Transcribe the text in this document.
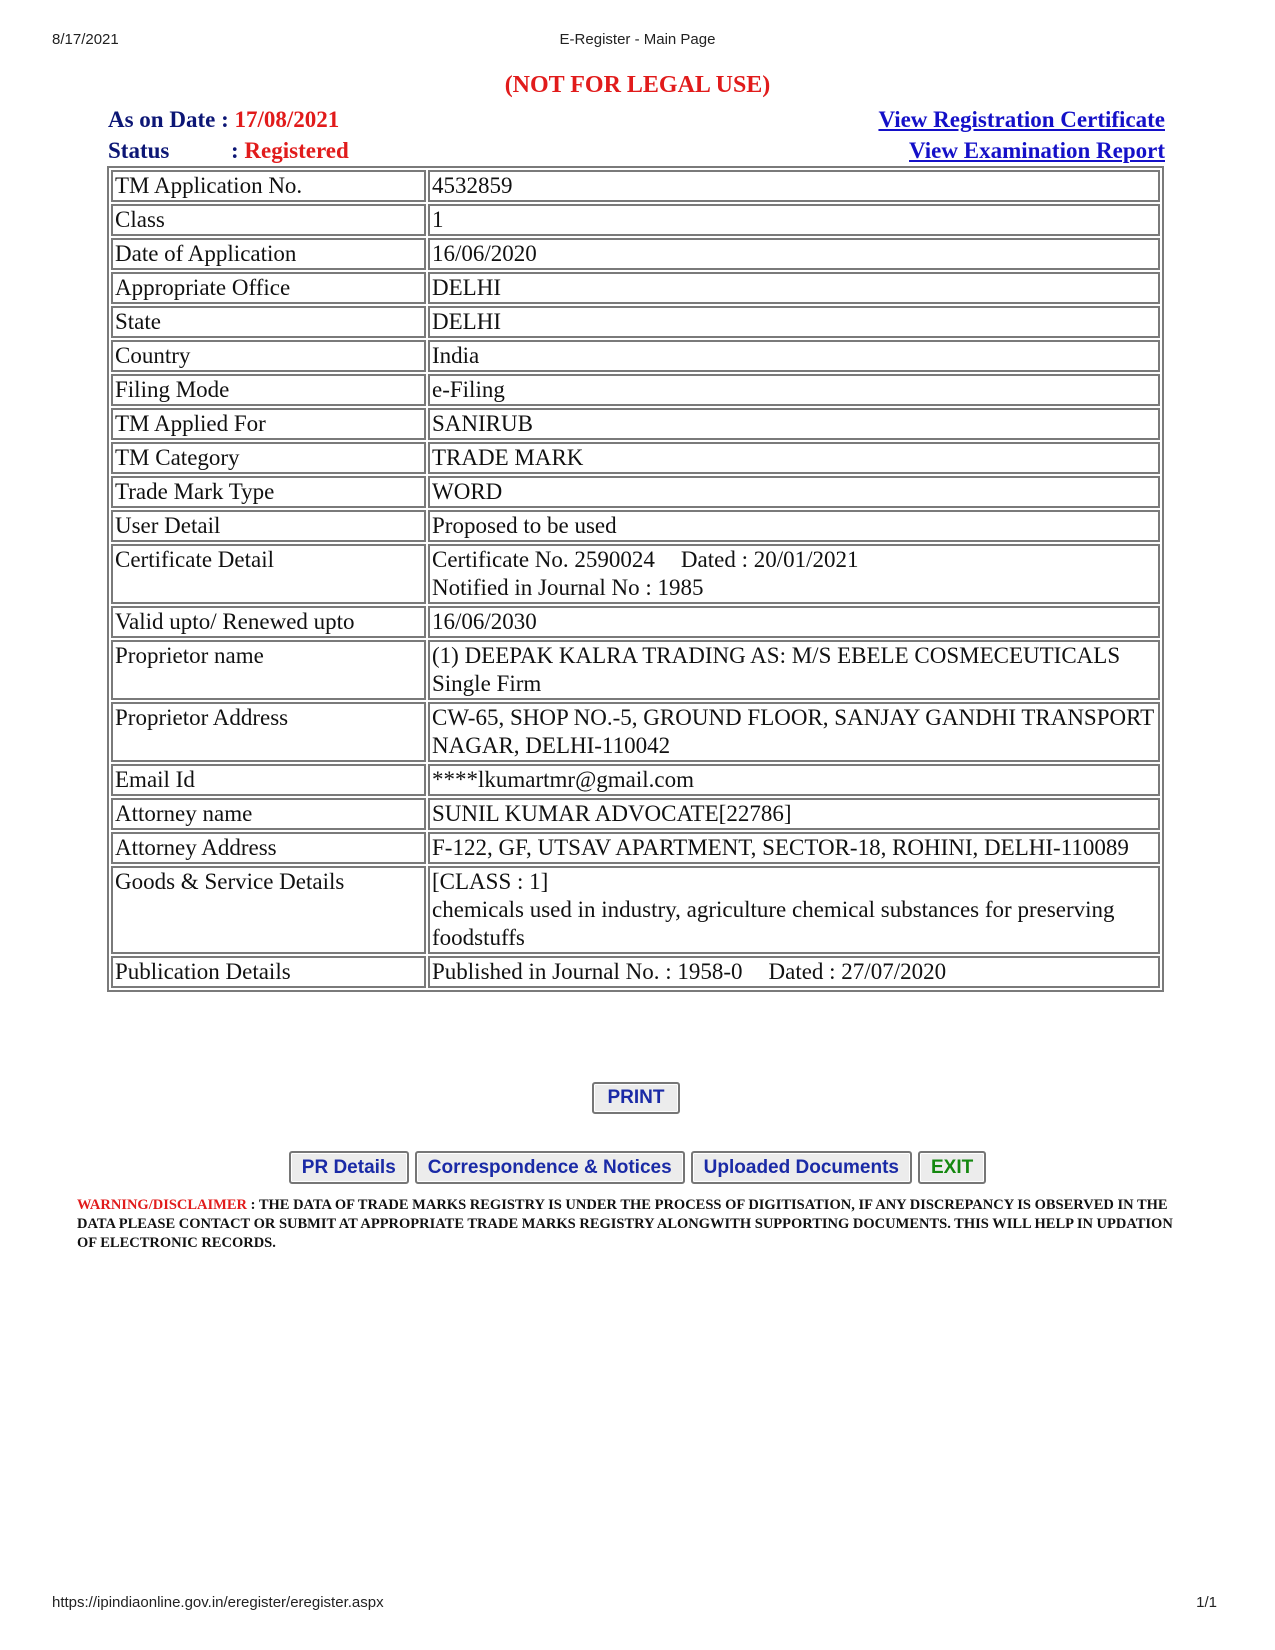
8/17/2021	E-Register - Main Page
(NOT FOR LEGAL USE)
As on Date : 17/08/2021
Status	: Registered
View Registration Certificate
View Examination Report
TM Application No.	4532859
Class	1
Date of Application	16/06/2020
Appropriate Office	DELHI
State	DELHI
Country	India
Filing Mode	e-Filing
TM Applied For	SANIRUB
TM Category	TRADE MARK
Trade Mark Type	WORD
User Detail	Proposed to be used
Certificate Detail	Certificate No. 2590024 Dated : 20/01/2021
Notified in Journal No : 1985
Valid upto/ Renewed upto	16/06/2030
Proprietor name	(1) DEEPAK KALRA TRADING AS: M/S EBELE COSMECEUTICALS
Single Firm

Proprietor Address	CW-65, SHOP NO.-5, GROUND FLOOR, SANJAY GANDHI TRANSPORT NAGAR, DELHI-110042
Email Id	****lkumartmr@gmail.com
Attorney name	SUNIL KUMAR ADVOCATE[22786]
Attorney Address	F-122, GF, UTSAV APARTMENT, SECTOR-18, ROHINI, DELHI-110089
Goods & Service Details	[CLASS : 1]
chemicals used in industry, agriculture chemical substances for preserving foodstuffs

Publication Details	Published in Journal No. : 1958-0 Dated : 27/07/2020
PRINT
PR Details Correspondence & Notices Uploaded Documents EXIT
WARNING/DISCLAIMER : THE DATA OF TRADE MARKS REGISTRY IS UNDER THE PROCESS OF DIGITISATION, IF ANY DISCREPANCY IS OBSERVED IN THE DATA PLEASE CONTACT OR SUBMIT AT APPROPRIATE TRADE MARKS REGISTRY ALONGWITH SUPPORTING DOCUMENTS. THIS WILL HELP IN UPDATION OF ELECTRONIC RECORDS.
https://ipindiaonline.gov.in/eregister/eregister.aspx	1/1
